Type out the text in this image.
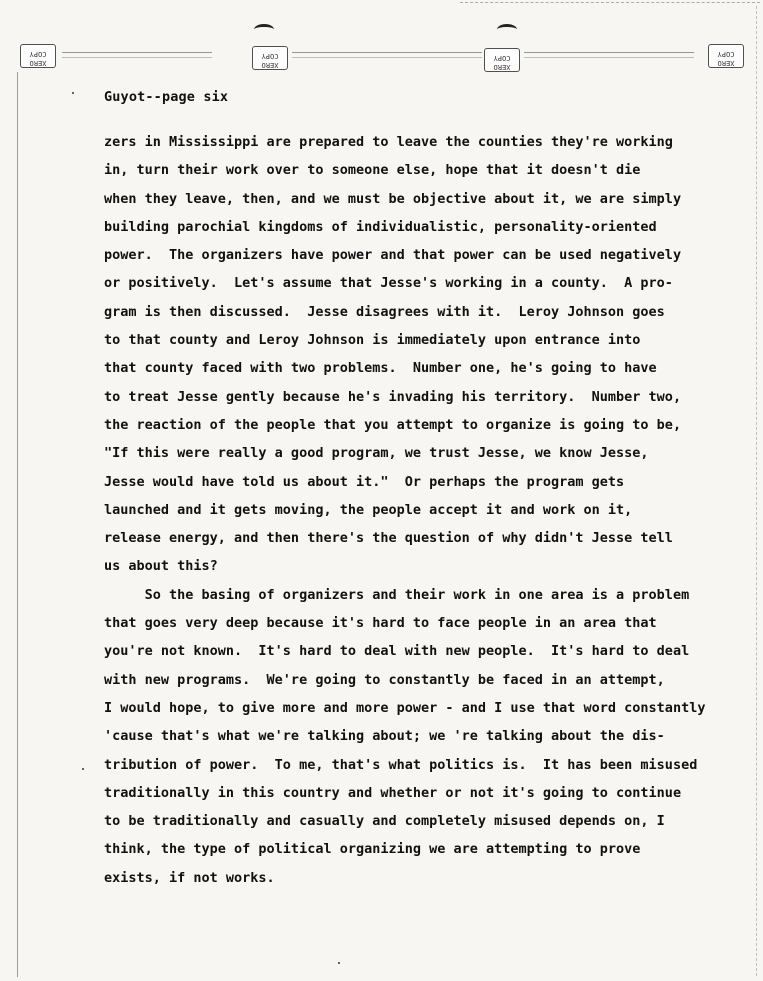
XERO COPY
XERO COPY
XERO COPY
XERO COPY
Guyot--page six
zers in Mississippi are prepared to leave the counties they're working
in, turn their work over to someone else, hope that it doesn't die
when they leave, then, and we must be objective about it, we are simply
building parochial kingdoms of individualistic, personality-oriented
power.  The organizers have power and that power can be used negatively
or positively.  Let's assume that Jesse's working in a county.  A pro-
gram is then discussed.  Jesse disagrees with it.  Leroy Johnson goes
to that county and Leroy Johnson is immediately upon entrance into
that county faced with two problems.  Number one, he's going to have
to treat Jesse gently because he's invading his territory.  Number two,
the reaction of the people that you attempt to organize is going to be,
"If this were really a good program, we trust Jesse, we know Jesse,
Jesse would have told us about it."  Or perhaps the program gets
launched and it gets moving, the people accept it and work on it,
release energy, and then there's the question of why didn't Jesse tell
us about this?
So the basing of organizers and their work in one area is a problem
that goes very deep because it's hard to face people in an area that
you're not known.  It's hard to deal with new people.  It's hard to deal
with new programs.  We're going to constantly be faced in an attempt,
I would hope, to give more and more power - and I use that word constantly
'cause that's what we're talking about; we 're talking about the dis-
tribution of power.  To me, that's what politics is.  It has been misused
traditionally in this country and whether or not it's going to continue
to be traditionally and casually and completely misused depends on, I
think, the type of political organizing we are attempting to prove
exists, if not works.
